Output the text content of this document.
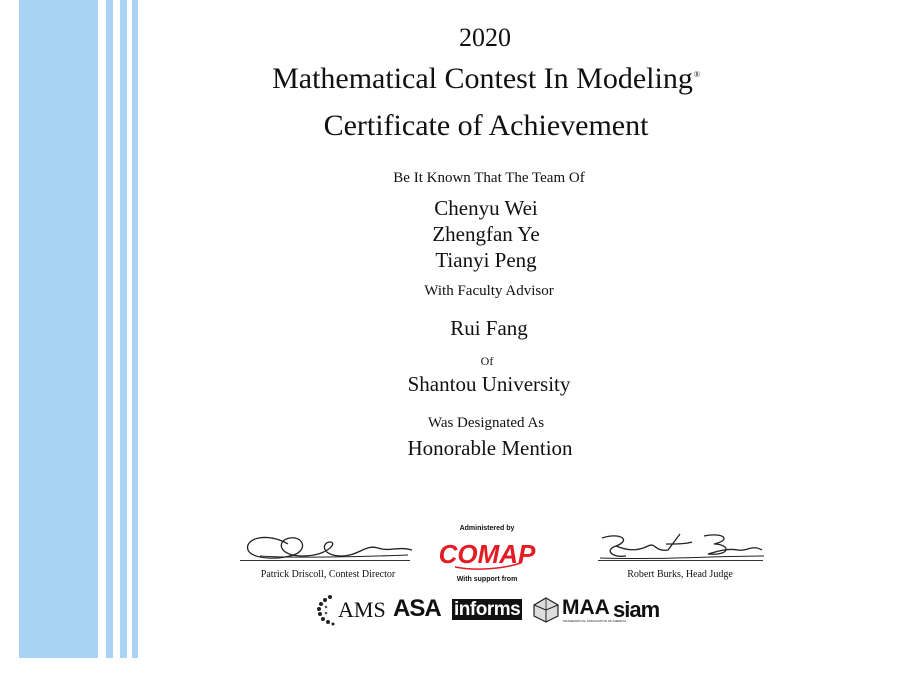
2020
Mathematical Contest In Modeling®
Certificate of Achievement
Be It Known That The Team Of
Chenyu Wei
Zhengfan Ye
Tianyi Peng
With Faculty Advisor
Rui Fang
Of
Shantou University
Was Designated As
Honorable Mention
Patrick Driscoll, Contest Director
Administered by
COMAP
With support from	Robert Burks, Head Judge
AMS ASA informs MAA
MATHEMATICAL ASSOCIATION OF AMERICA
siam
